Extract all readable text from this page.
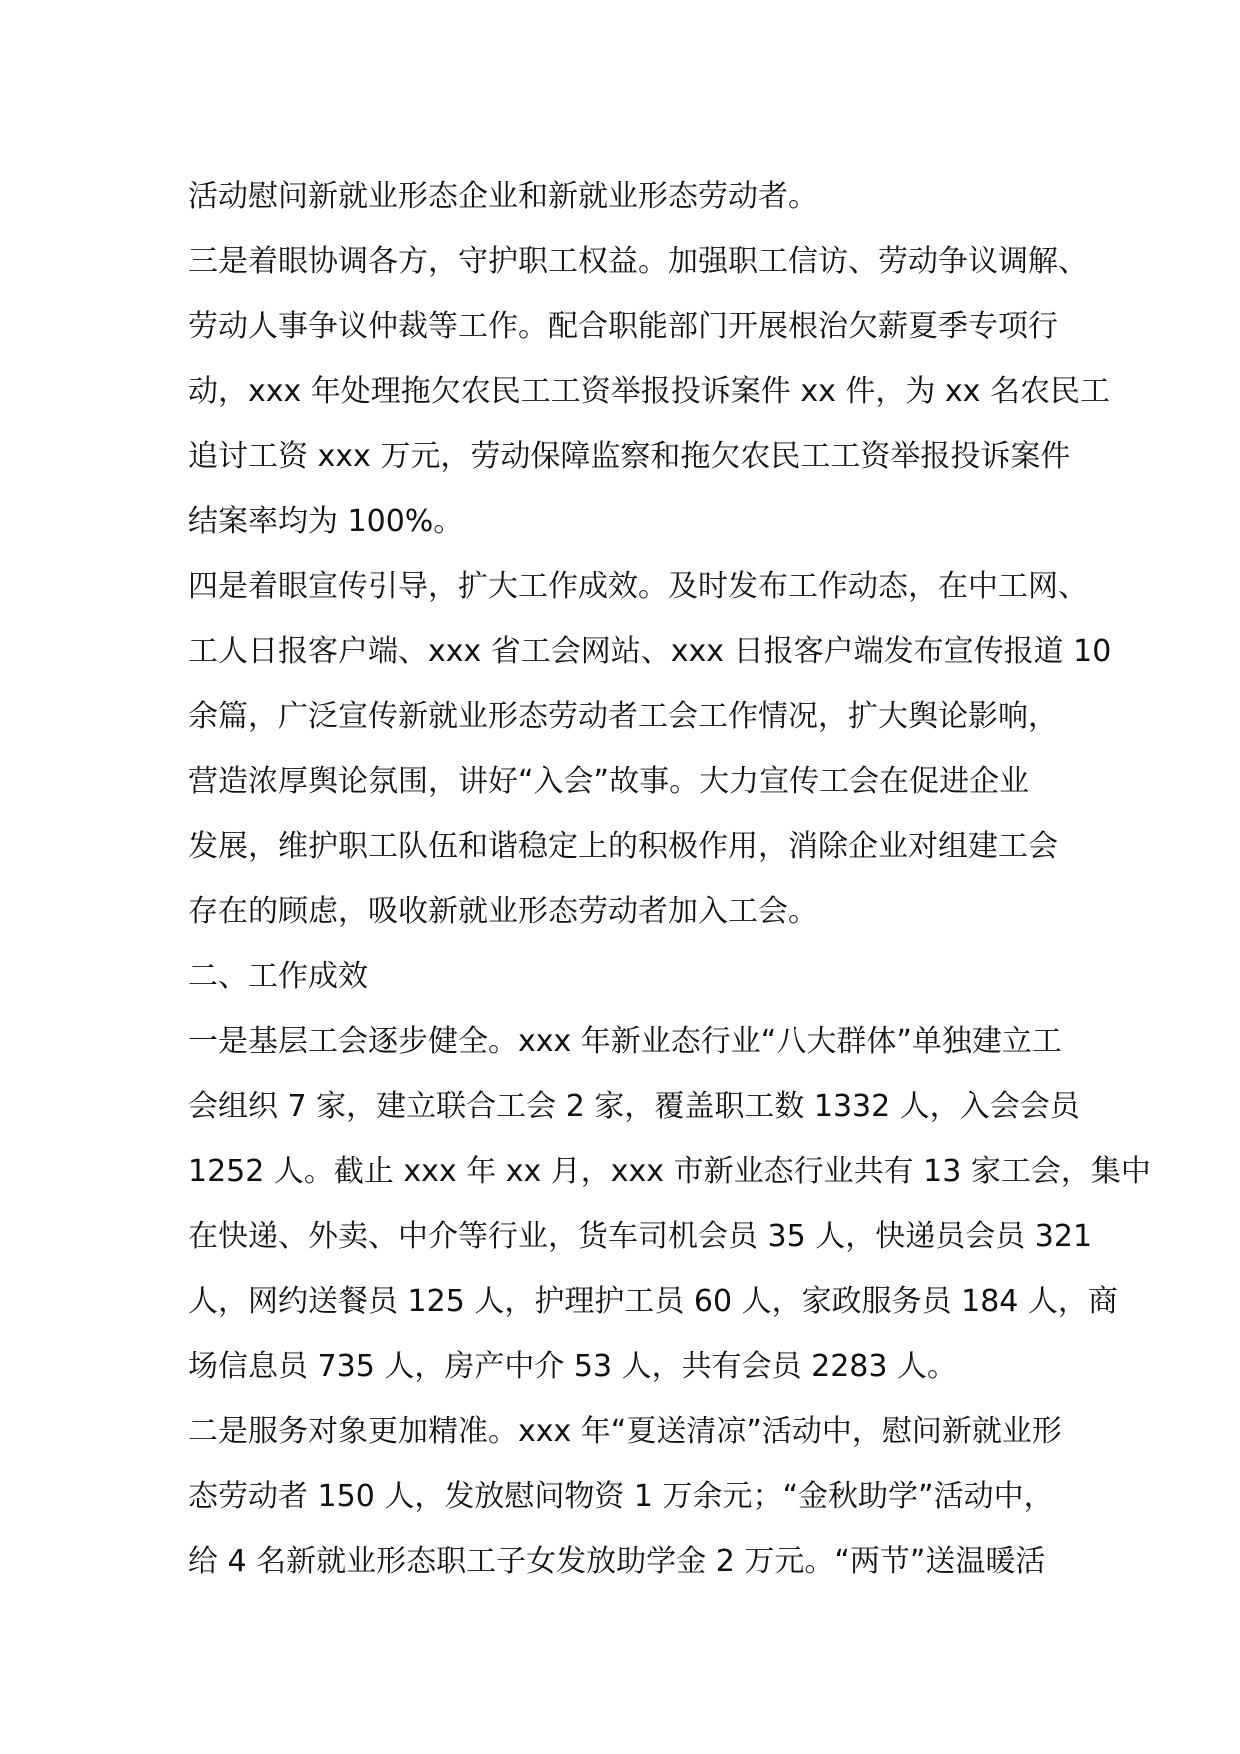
活动慰问新就业形态企业和新就业形态劳动者。
三是着眼协调各方，守护职工权益。加强职工信访、劳动争议调解、
劳动人事争议仲裁等工作。配合职能部门开展根治欠薪夏季专项行
动，xxx 年处理拖欠农民工工资举报投诉案件 xx 件，为 xx 名农民工
追讨工资 xxx 万元，劳动保障监察和拖欠农民工工资举报投诉案件
结案率均为 100%。
四是着眼宣传引导，扩大工作成效。及时发布工作动态，在中工网、
工人日报客户端、xxx 省工会网站、xxx 日报客户端发布宣传报道 10
余篇，广泛宣传新就业形态劳动者工会工作情况，扩大舆论影响，
营造浓厚舆论氛围，讲好“入会”故事。大力宣传工会在促进企业
发展，维护职工队伍和谐稳定上的积极作用，消除企业对组建工会
存在的顾虑，吸收新就业形态劳动者加入工会。
二、工作成效
一是基层工会逐步健全。xxx 年新业态行业“八大群体”单独建立工
会组织 7 家，建立联合工会 2 家，覆盖职工数 1332 人，入会会员
1252 人。截止 xxx 年 xx 月，xxx 市新业态行业共有 13 家工会，集中
在快递、外卖、中介等行业，货车司机会员 35 人，快递员会员 321
人，网约送餐员 125 人，护理护工员 60 人，家政服务员 184 人，商
场信息员 735 人，房产中介 53 人，共有会员 2283 人。
二是服务对象更加精准。xxx 年“夏送清凉”活动中，慰问新就业形
态劳动者 150 人，发放慰问物资 1 万余元；“金秋助学”活动中，
给 4 名新就业形态职工子女发放助学金 2 万元。“两节”送温暖活
